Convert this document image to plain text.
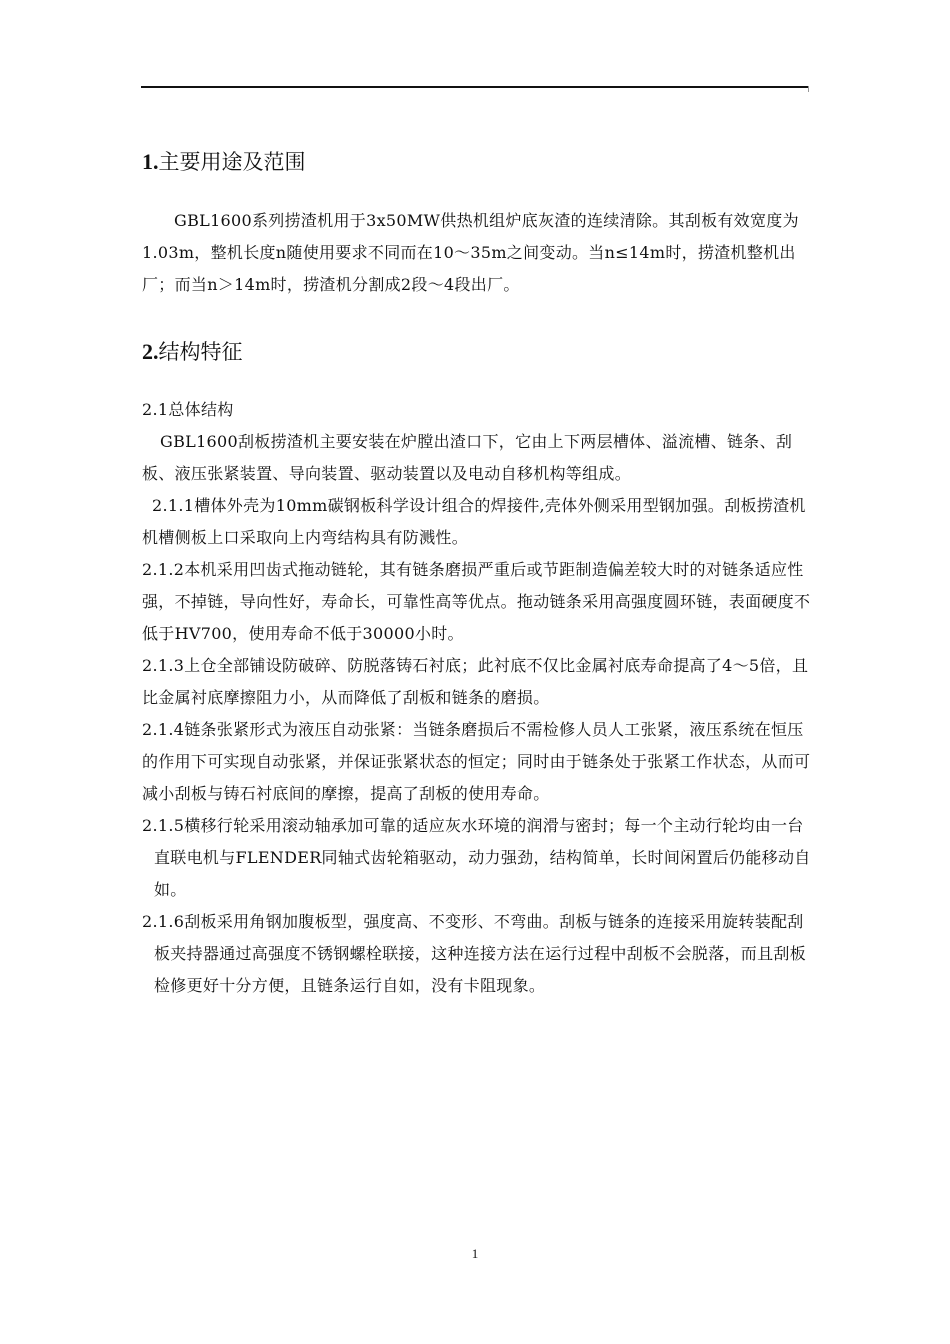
1.主要用途及范围

GBL1600系列捞渣机用于3x50MW供热机组炉底灰渣的连续清除。其刮板有效宽度为1.03m，整机长度n随使用要求不同而在10～35m之间变动。当n≤14m时，捞渣机整机出厂；而当n＞14m时，捞渣机分割成2段～4段出厂。

2.结构特征

2.1总体结构

GBL1600刮板捞渣机主要安装在炉膛出渣口下，它由上下两层槽体、溢流槽、链条、刮板、液压张紧装置、导向装置、驱动装置以及电动自移机构等组成。

2.1.1槽体外壳为10mm碳钢板科学设计组合的焊接件,壳体外侧采用型钢加强。刮板捞渣机机槽侧板上口采取向上内弯结构具有防溅性。

2.1.2本机采用凹齿式拖动链轮，其有链条磨损严重后或节距制造偏差较大时的对链条适应性强，不掉链，导向性好，寿命长，可靠性高等优点。拖动链条采用高强度圆环链，表面硬度不低于HV700，使用寿命不低于30000小时。

2.1.3上仓全部铺设防破碎、防脱落铸石衬底；此衬底不仅比金属衬底寿命提高了4～5倍，且比金属衬底摩擦阻力小，从而降低了刮板和链条的磨损。

2.1.4链条张紧形式为液压自动张紧：当链条磨损后不需检修人员人工张紧，液压系统在恒压的作用下可实现自动张紧，并保证张紧状态的恒定；同时由于链条处于张紧工作状态，从而可减小刮板与铸石衬底间的摩擦，提高了刮板的使用寿命。

2.1.5横移行轮采用滚动轴承加可靠的适应灰水环境的润滑与密封；每一个主动行轮均由一台直联电机与FLENDER同轴式齿轮箱驱动，动力强劲，结构简单，长时间闲置后仍能移动自如。

2.1.6刮板采用角钢加腹板型，强度高、不变形、不弯曲。刮板与链条的连接采用旋转装配刮板夹持器通过高强度不锈钢螺栓联接，这种连接方法在运行过程中刮板不会脱落，而且刮板检修更好十分方便，且链条运行自如，没有卡阻现象。

1
